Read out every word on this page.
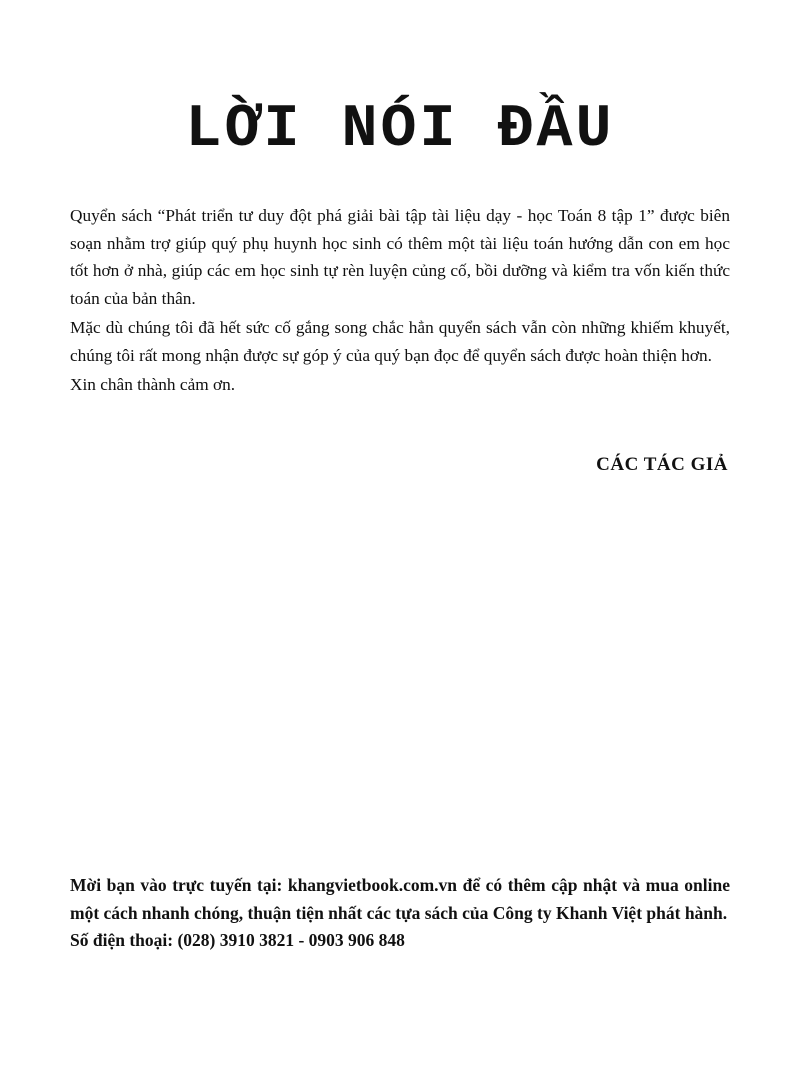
LỜI NÓI ĐẦU

Quyển sách “Phát triển tư duy đột phá giải bài tập tài liệu dạy - học Toán 8 tập 1” được biên soạn nhằm trợ giúp quý phụ huynh học sinh có thêm một tài liệu toán hướng dẫn con em học tốt hơn ở nhà, giúp các em học sinh tự rèn luyện củng cố, bồi dưỡng và kiểm tra vốn kiến thức toán của bản thân.

Mặc dù chúng tôi đã hết sức cố gắng song chắc hẳn quyển sách vẫn còn những khiếm khuyết, chúng tôi rất mong nhận được sự góp ý của quý bạn đọc để quyển sách được hoàn thiện hơn.

Xin chân thành cảm ơn.

CÁC TÁC GIẢ

Mời bạn vào trực tuyến tại: khangvietbook.com.vn để có thêm cập nhật và mua online một cách nhanh chóng, thuận tiện nhất các tựa sách của Công ty Khanh Việt phát hành.

Số điện thoại: (028) 3910 3821 - 0903 906 848
